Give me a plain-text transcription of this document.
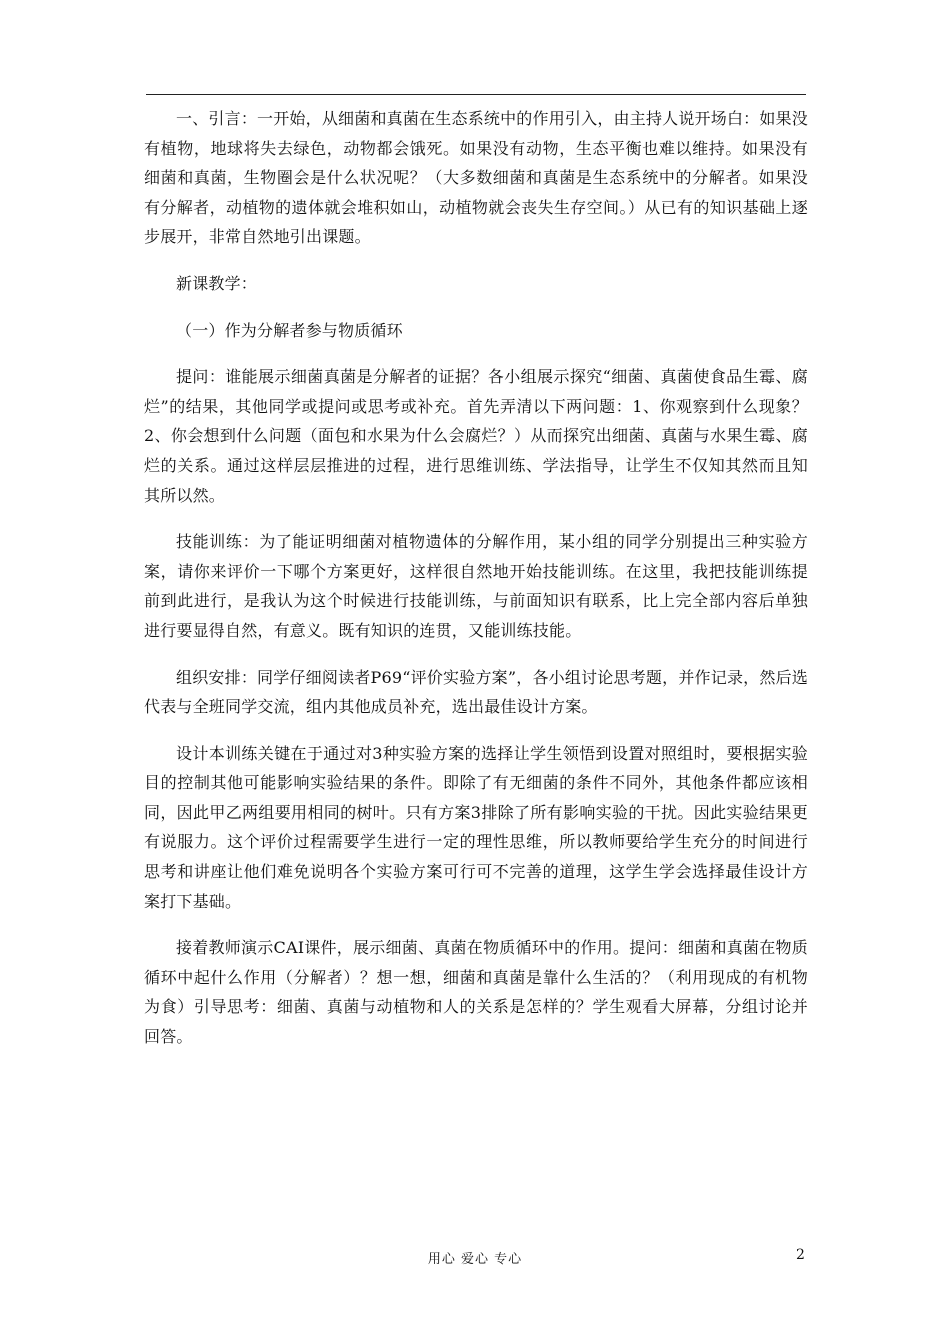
一、引言：一开始，从细菌和真菌在生态系统中的作用引入，由主持人说开场白：如果没有植物，地球将失去绿色，动物都会饿死。如果没有动物，生态平衡也难以维持。如果没有细菌和真菌，生物圈会是什么状况呢？（大多数细菌和真菌是生态系统中的分解者。如果没有分解者，动植物的遗体就会堆积如山，动植物就会丧失生存空间。）从已有的知识基础上逐步展开，非常自然地引出课题。

新课教学：

（一）作为分解者参与物质循环

提问：谁能展示细菌真菌是分解者的证据？各小组展示探究“细菌、真菌使食品生霉、腐烂”的结果，其他同学或提问或思考或补充。首先弄清以下两问题：1、你观察到什么现象？2、你会想到什么问题（面包和水果为什么会腐烂？）从而探究出细菌、真菌与水果生霉、腐烂的关系。通过这样层层推进的过程，进行思维训练、学法指导，让学生不仅知其然而且知其所以然。

技能训练：为了能证明细菌对植物遗体的分解作用，某小组的同学分别提出三种实验方案，请你来评价一下哪个方案更好，这样很自然地开始技能训练。在这里，我把技能训练提前到此进行，是我认为这个时候进行技能训练，与前面知识有联系，比上完全部内容后单独进行要显得自然，有意义。既有知识的连贯，又能训练技能。

组织安排：同学仔细阅读者P69“评价实验方案”，各小组讨论思考题，并作记录，然后选代表与全班同学交流，组内其他成员补充，选出最佳设计方案。

设计本训练关键在于通过对3种实验方案的选择让学生领悟到设置对照组时，要根据实验目的控制其他可能影响实验结果的条件。即除了有无细菌的条件不同外，其他条件都应该相同，因此甲乙两组要用相同的树叶。只有方案3排除了所有影响实验的干扰。因此实验结果更有说服力。这个评价过程需要学生进行一定的理性思维，所以教师要给学生充分的时间进行思考和讲座让他们难免说明各个实验方案可行可不完善的道理，这学生学会选择最佳设计方案打下基础。

接着教师演示CAI课件，展示细菌、真菌在物质循环中的作用。提问：细菌和真菌在物质循环中起什么作用（分解者）？想一想，细菌和真菌是靠什么生活的？（利用现成的有机物为食）引导思考：细菌、真菌与动植物和人的关系是怎样的？学生观看大屏幕，分组讨论并回答。

用心 爱心 专心	2
